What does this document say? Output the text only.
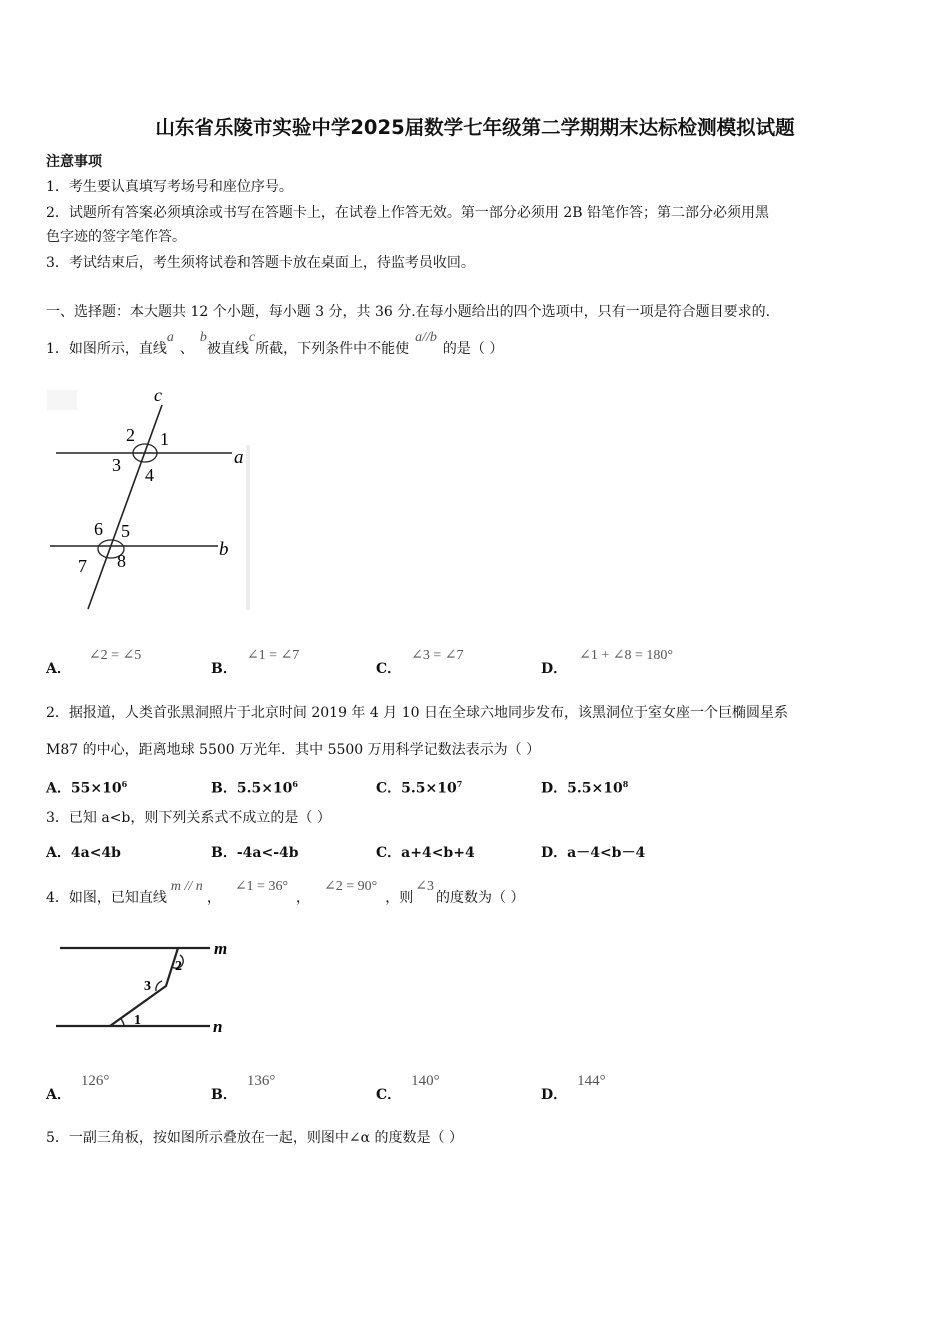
山东省乐陵市实验中学2025届数学七年级第二学期期末达标检测模拟试题
注意事项
1．考生要认真填写考场号和座位序号。
2．试题所有答案必须填涂或书写在答题卡上，在试卷上作答无效。第一部分必须用 2B 铅笔作答；第二部分必须用黑
色字迹的签字笔作答。
3．考试结束后，考生须将试卷和答题卡放在桌面上，待监考员收回。
一、选择题：本大题共 12 个小题，每小题 3 分，共 36 分.在每小题给出的四个选项中，只有一项是符合题目要求的.
1．如图所示，直线a、b被直线c所截，下列条件中不能使a//b的是（ ）
c
a
b
2 1
3 4
6 5
7 8
A．∠2 = ∠5
B．∠1 = ∠7
C．∠3 = ∠7
D．∠1 + ∠8 = 180°
2．据报道，人类首张黑洞照片于北京时间 2019 年 4 月 10 日在全球六地同步发布，该黑洞位于室女座一个巨椭圆星系
M87 的中心，距离地球 5500 万光年．其中 5500 万用科学记数法表示为（ ）
A．$55\times 10^6$	B．$5.5\times 10^6$	C．$5.5\times 10^7$	D．$5.5\times 10^8$
3．已知 a<b，则下列关系式不成立的是（ ）
A．4a<4b	B．-4a<-4b	C．a+4<b+4	D．a－4<b－4
4．如图，已知直线m // n，∠1 = 36°，∠2 = 90°，则∠3的度数为（ ）
m
n
2
3
1
A．126°
B．136°
C．140°
D．144°
5．一副三角板，按如图所示叠放在一起，则图中∠α 的度数是（ ）
